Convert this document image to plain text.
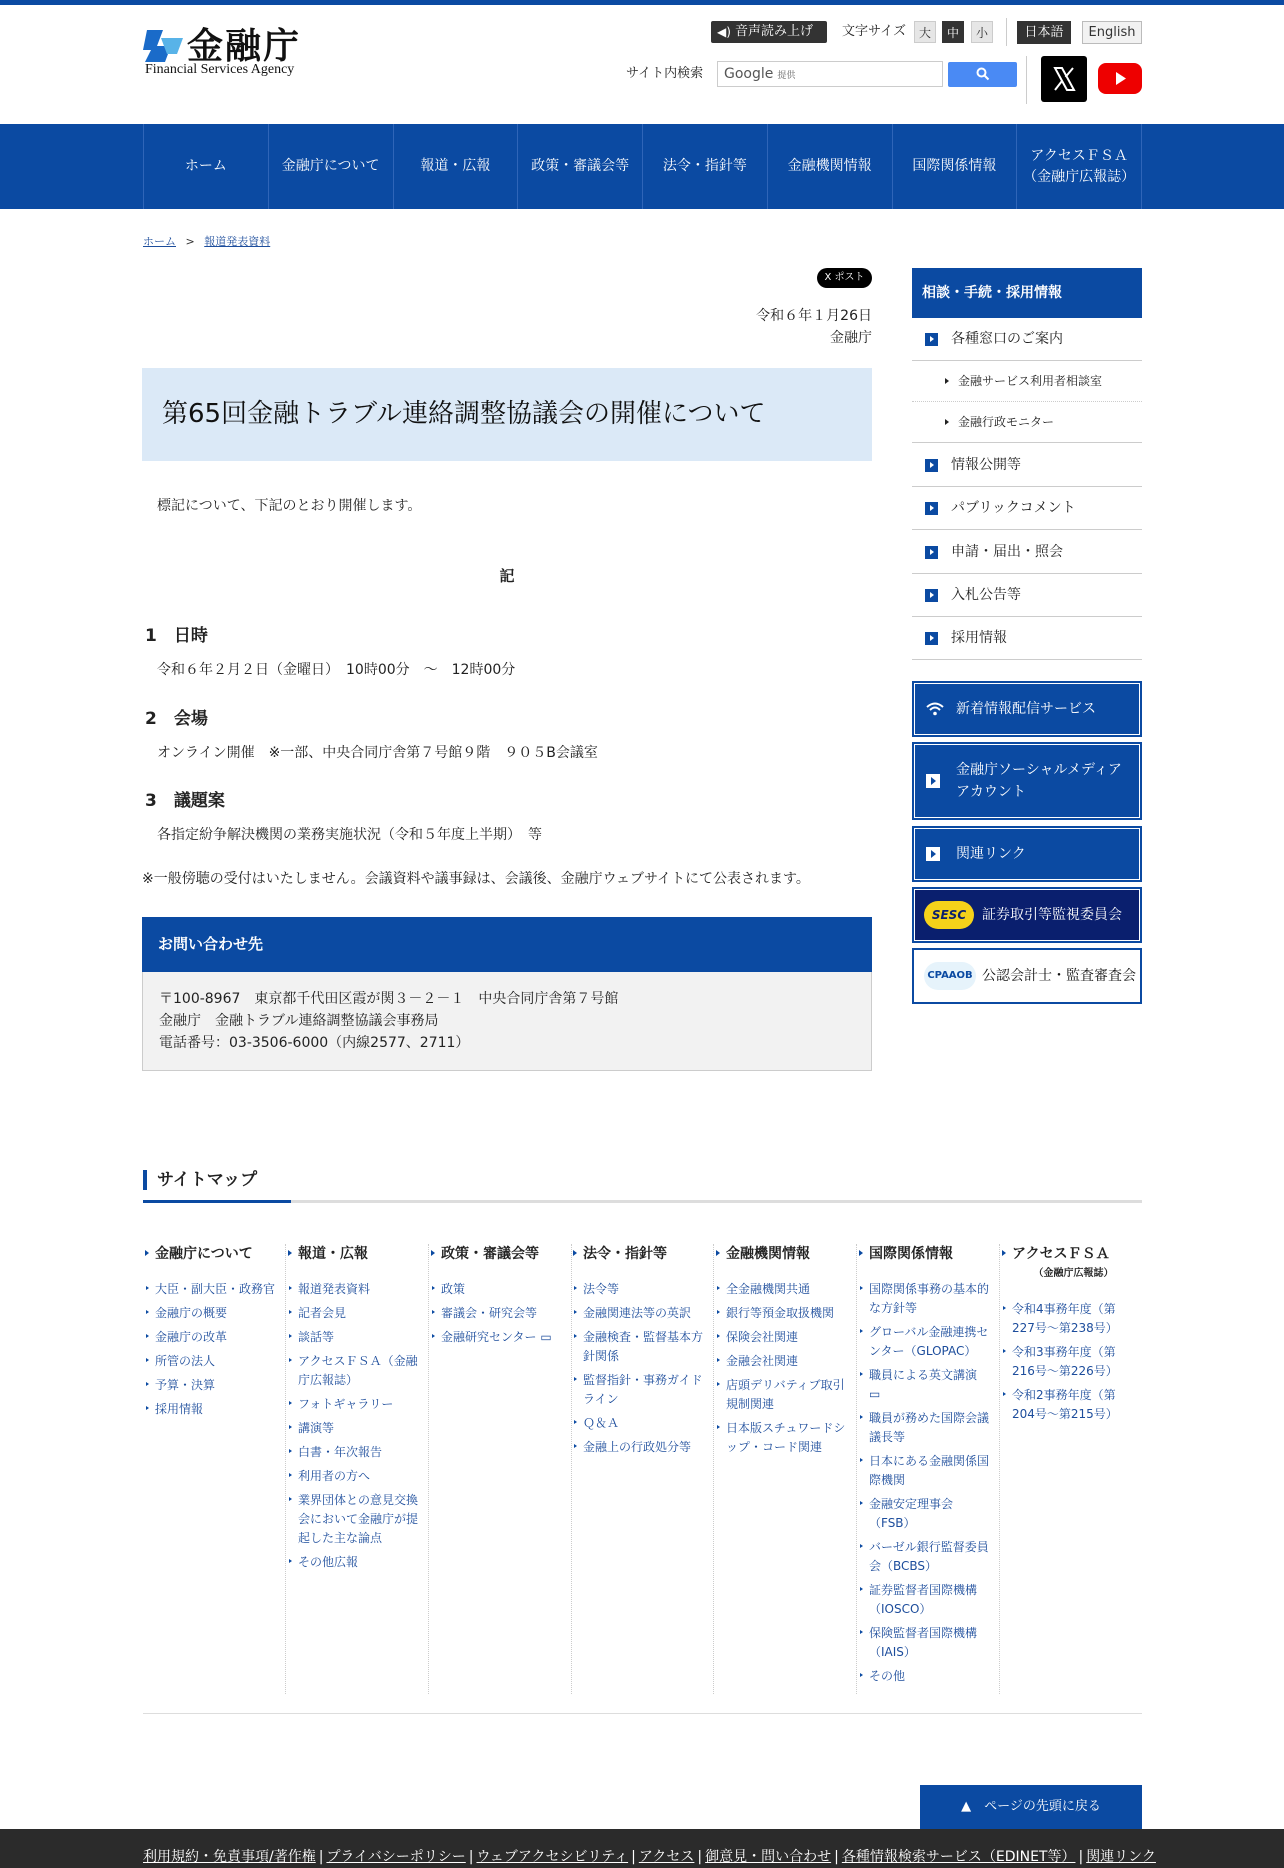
金融庁
Financial Services Agency
◀) 音声読み上げ	文字サイズ	大	中	小	日本語	English
サイト内検索	Google 提供
ホーム	金融庁について	報道・広報	政策・審議会等	法令・指針等	金融機関情報	国際関係情報
アクセスＦＳＡ
（金融庁広報誌）
ホーム > 報道発表資料
X ポスト
令和６年１月26日
金融庁
第65回金融トラブル連絡調整協議会の開催について
標記について、下記のとおり開催します。
記
1　日時
令和６年２月２日（金曜日）　10時00分　～　12時00分
2　会場
オンライン開催　※一部、中央合同庁舎第７号館９階　９０５B会議室
3　議題案
各指定紛争解決機関の業務実施状況（令和５年度上半期）　等
※一般傍聴の受付はいたしません。会議資料や議事録は、会議後、金融庁ウェブサイトにて公表されます。
お問い合わせ先
〒100-8967　東京都千代田区霞が関３－２－１　中央合同庁舎第７号館
金融庁　金融トラブル連絡調整協議会事務局
電話番号：03-3506-6000（内線2577、2711）
相談・手続・採用情報
各種窓口のご案内
金融サービス利用者相談室
金融行政モニター
情報公開等
パブリックコメント
申請・届出・照会
入札公告等
採用情報
新着情報配信サービス
金融庁ソーシャルメディア
アカウント
関連リンク
SESC	証券取引等監視委員会
CPAAOB 公認会計士・監査審査会
サイトマップ
金融庁について
大臣・副大臣・政務官
金融庁の概要
金融庁の改革
所管の法人
予算・決算
採用情報
報道・広報
報道発表資料
記者会見
談話等
アクセスＦＳＡ（金融庁広報誌）
フォトギャラリー
講演等
白書・年次報告
利用者の方へ
業界団体との意見交換会において金融庁が提起した主な論点
その他広報
政策・審議会等
政策
審議会・研究会等
金融研究センター ▭
法令・指針等
法令等
金融関連法等の英訳
金融検査・監督基本方針関係
監督指針・事務ガイドライン
Ｑ＆Ａ
金融上の行政処分等
金融機関情報
全金融機関共通
銀行等預金取扱機関
保険会社関連
金融会社関連
店頭デリバティブ取引規制関連
日本版スチュワードシップ・コード関連
国際関係情報
国際関係事務の基本的な方針等
グローバル金融連携センター（GLOPAC）
職員による英文講演 ▭
職員が務めた国際会議議長等
日本にある金融関係国際機関
金融安定理事会（FSB）
バーゼル銀行監督委員会（BCBS）
証券監督者国際機構（IOSCO）
保険監督者国際機構（IAIS）
その他
アクセスＦＳＡ
（金融庁広報誌）
令和4事務年度（第227号〜第238号）
令和3事務年度（第216号〜第226号）
令和2事務年度（第204号〜第215号）
▲　ページの先頭に戻る
利用規約・免責事項/著作権 | プライバシーポリシー | ウェブアクセシビリティ | アクセス | 御意見・問い合わせ | 各種情報検索サービス（EDINET等） | 関連リンク
